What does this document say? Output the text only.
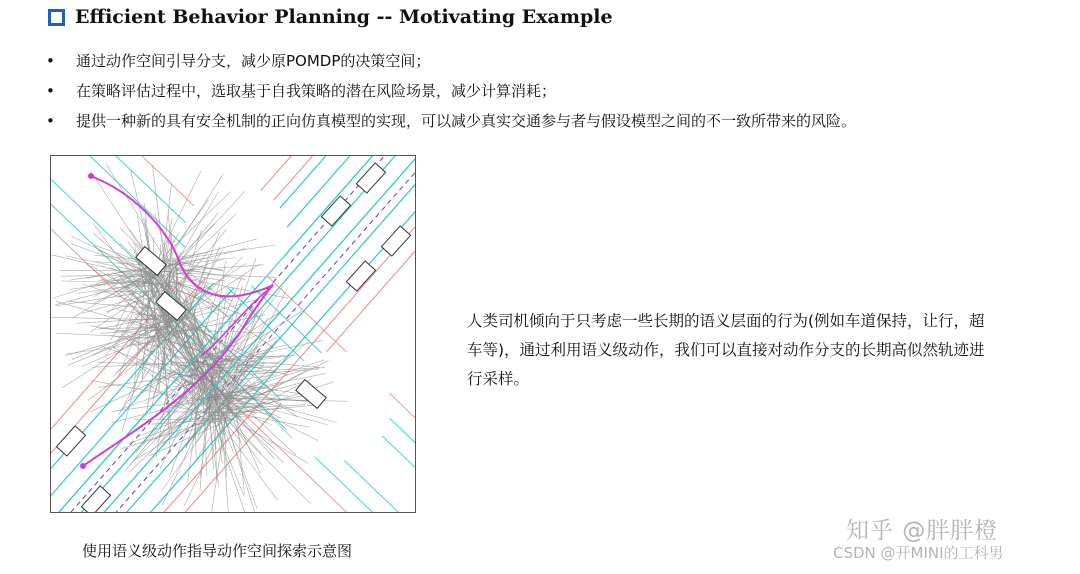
Efficient Behavior Planning -- Motivating Example
• 通过动作空间引导分支，减少原POMDP的决策空间；
• 在策略评估过程中，选取基于自我策略的潜在风险场景，减少计算消耗；
• 提供一种新的具有安全机制的正向仿真模型的实现，可以减少真实交通参与者与假设模型之间的不一致所带来的风险。
使用语义级动作指导动作空间探索示意图
人类司机倾向于只考虑一些长期的语义层面的行为(例如车道保持，让行，超
车等)，通过利用语义级动作，我们可以直接对动作分支的长期高似然轨迹进
行采样。
知乎 @胖胖橙
CSDN @开MINI的工科男
